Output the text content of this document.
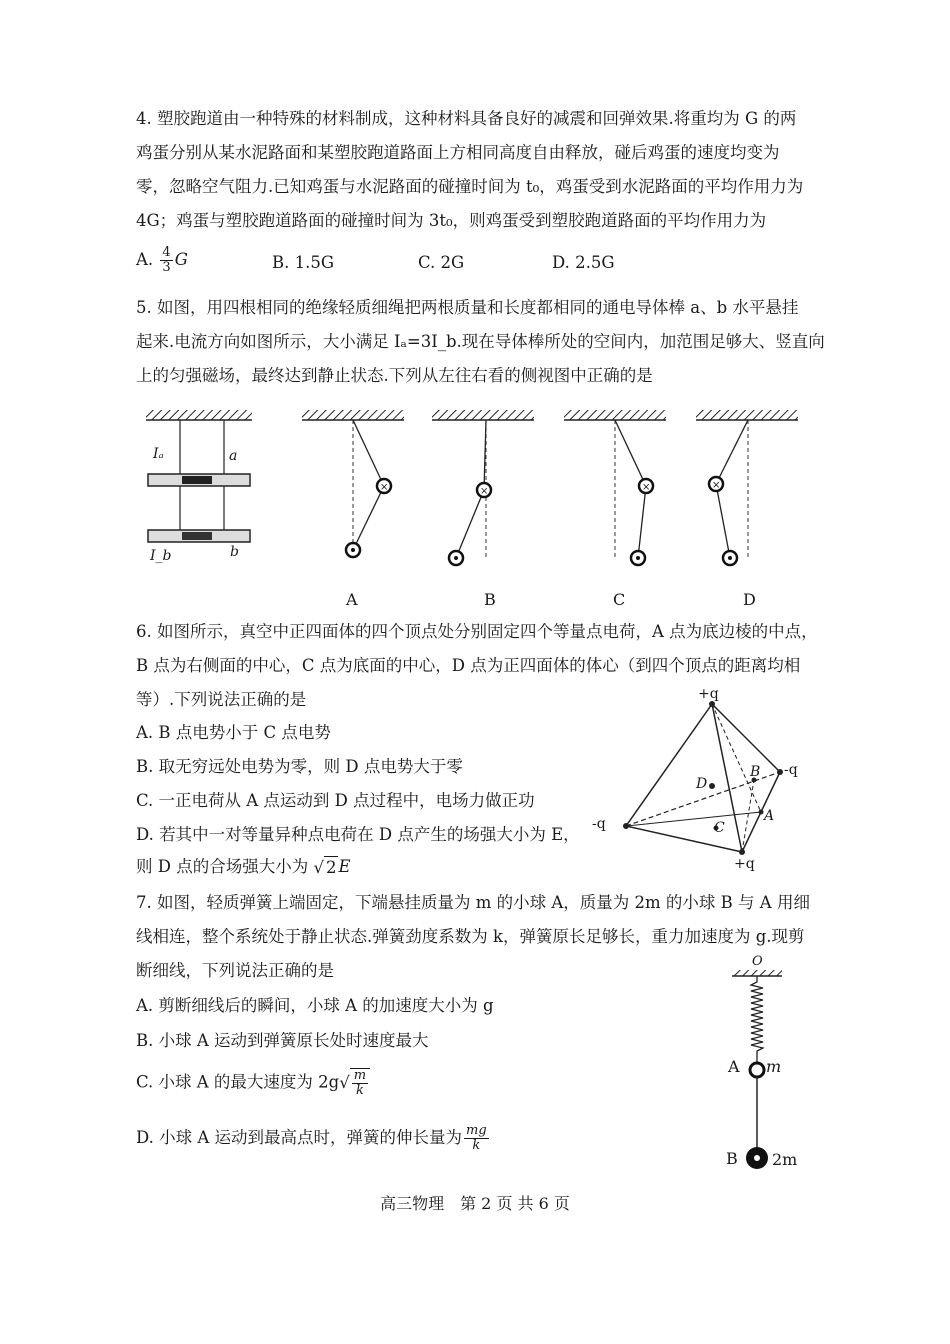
4. 塑胶跑道由一种特殊的材料制成，这种材料具备良好的减震和回弹效果.将重均为 G 的两
鸡蛋分别从某水泥路面和某塑胶跑道路面上方相同高度自由释放，碰后鸡蛋的速度均变为
零，忽略空气阻力.已知鸡蛋与水泥路面的碰撞时间为 t₀，鸡蛋受到水泥路面的平均作用力为
4G；鸡蛋与塑胶跑道路面的碰撞时间为 3t₀，则鸡蛋受到塑胶跑道路面的平均作用力为
A. $\frac{4}{3}$ G	B. 1.5G	C. 2G	D. 2.5G
5. 如图，用四根相同的绝缘轻质细绳把两根质量和长度都相同的通电导体棒 a、b 水平悬挂
起来.电流方向如图所示，大小满足 Iₐ=3I_b.现在导体棒所处的空间内，加范围足够大、竖直向
上的匀强磁场，最终达到静止状态.下列从左往右看的侧视图中正确的是
Iₐ	a
I_b	b
×	×	×	×
A	B	C	D
6. 如图所示，真空中正四面体的四个顶点处分别固定四个等量点电荷，A 点为底边棱的中点，
B 点为右侧面的中心，C 点为底面的中心，D 点为正四面体的体心（到四个顶点的距离均相
等）.下列说法正确的是
A. B 点电势小于 C 点电势
B. 取无穷远处电势为零，则 D 点电势大于零
C. 一正电荷从 A 点运动到 D 点过程中，电场力做正功
D. 若其中一对等量异种点电荷在 D 点产生的场强大小为 E，
则 D 点的合场强大小为 √ 2 E
+q
-q
-q
+q
A
B
C
D
7. 如图，轻质弹簧上端固定，下端悬挂质量为 m 的小球 A，质量为 2m 的小球 B 与 A 用细
线相连，整个系统处于静止状态.弹簧劲度系数为 k，弹簧原长足够长，重力加速度为 g.现剪
断细线，下列说法正确的是
A. 剪断细线后的瞬间，小球 A 的加速度大小为 g
B. 小球 A 运动到弹簧原长处时速度最大
C. 小球 A 的最大速度为 $2g√ \frac{m}{k}$
D. 小球 A 运动到最高点时，弹簧的伸长量为 $\frac{mg}{k}$
O
A m
B 2m
高三物理　第 2 页 共 6 页
